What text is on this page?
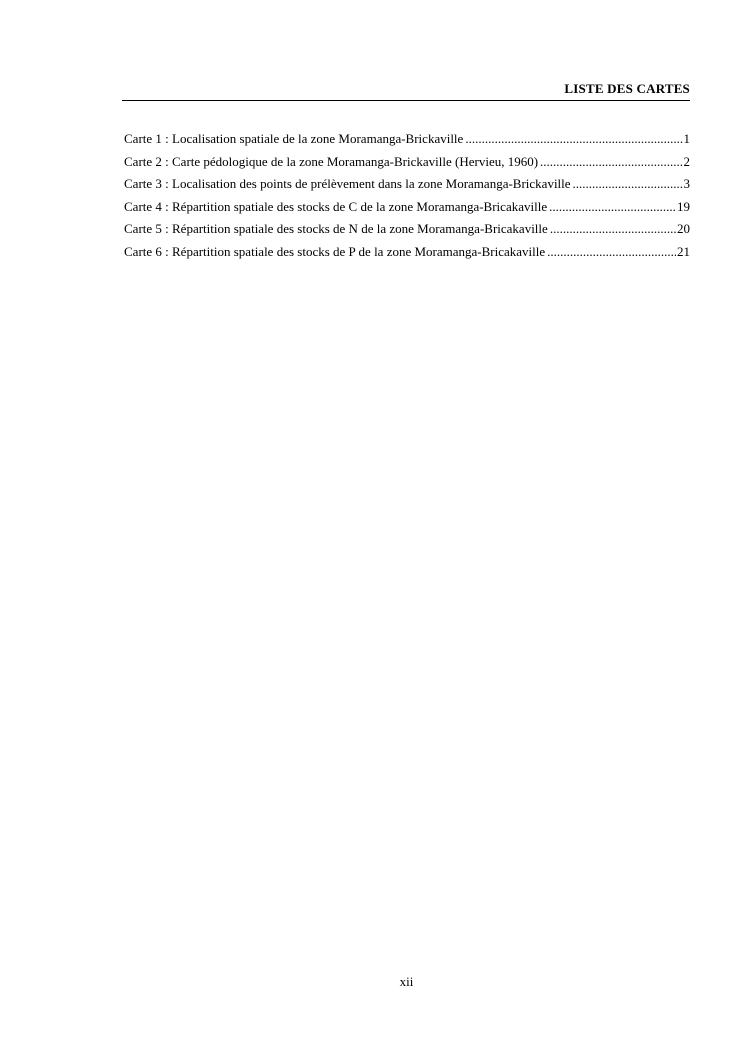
LISTE DES CARTES
Carte 1 : Localisation spatiale de la zone Moramanga-Brickaville .....	1
Carte 2 : Carte pédologique de la zone Moramanga-Brickaville (Hervieu, 1960) .....	2
Carte 3 : Localisation des points de prélèvement dans la zone Moramanga-Brickaville .....	3
Carte 4 : Répartition spatiale des stocks de C de la zone Moramanga-Bricakaville .....	19
Carte 5 : Répartition spatiale des stocks de N de la zone Moramanga-Bricakaville .....	20
Carte 6 : Répartition spatiale des stocks de P de la zone Moramanga-Bricakaville .....	21
xii
